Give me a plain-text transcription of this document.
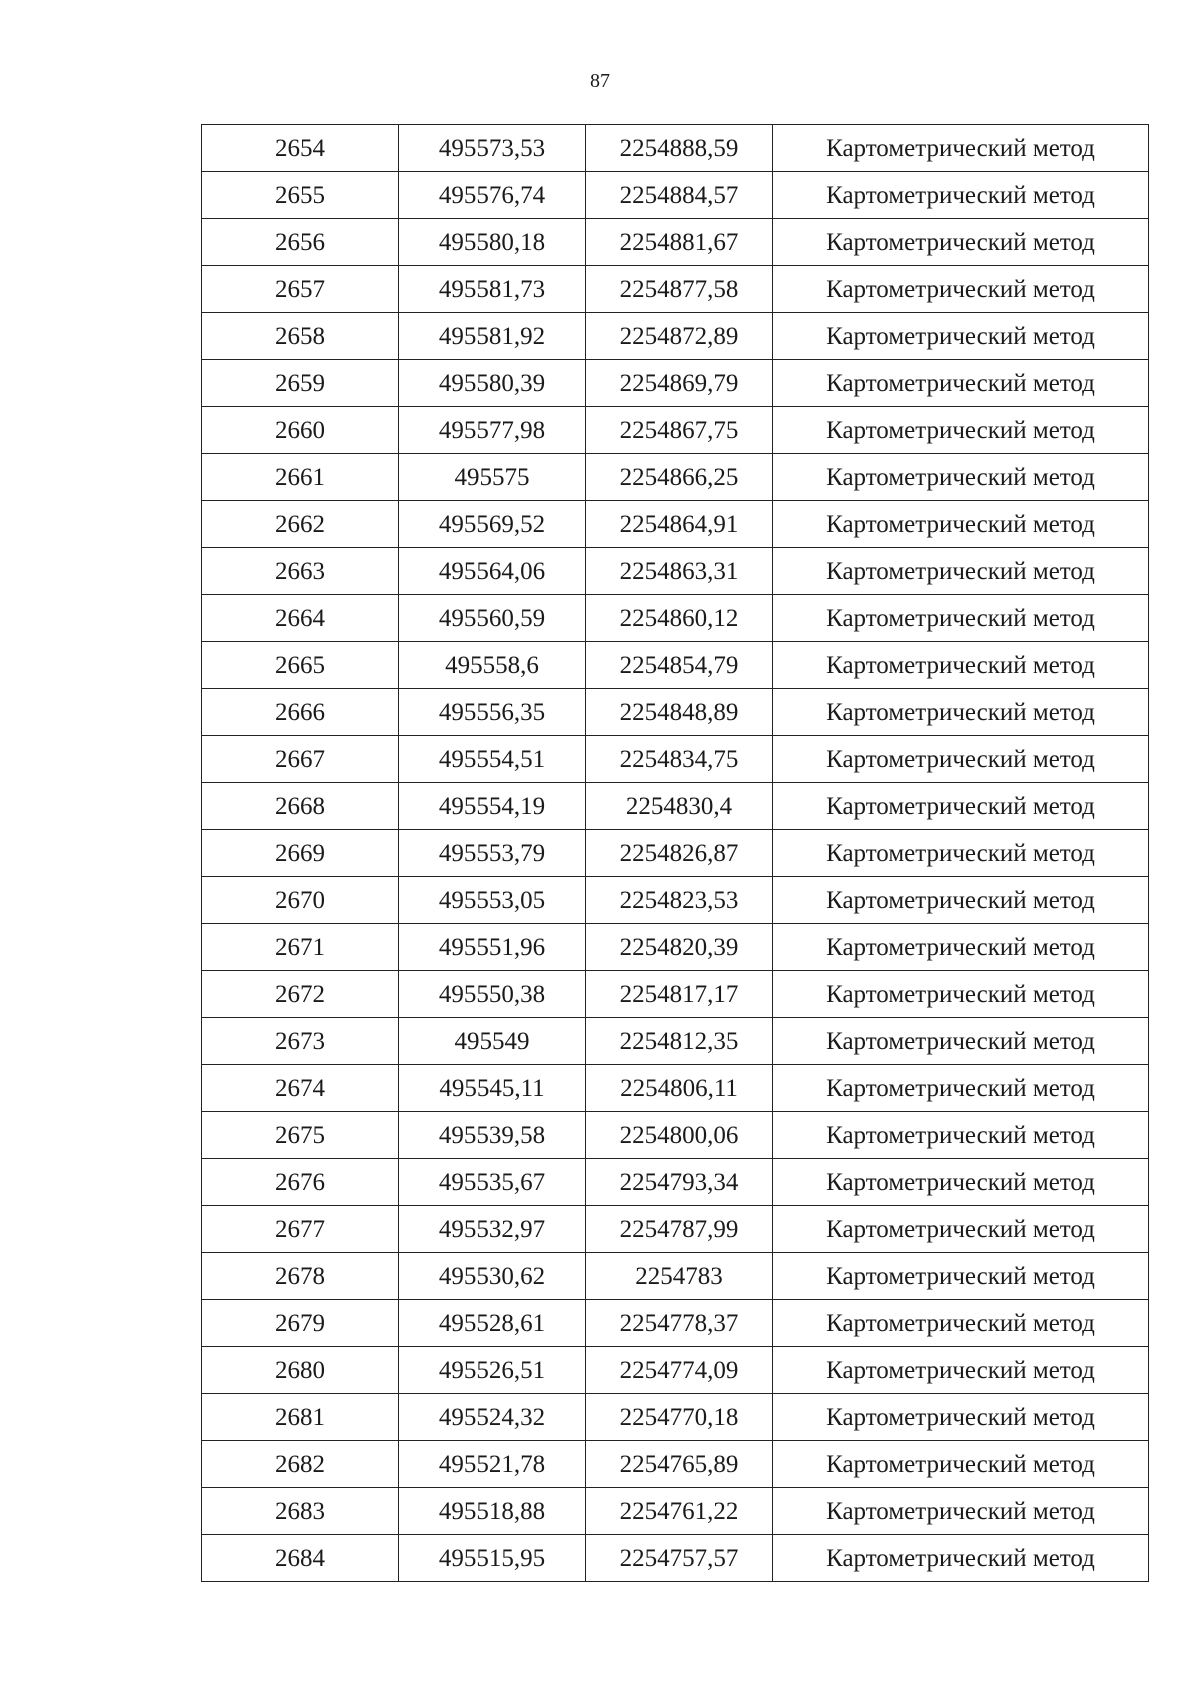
87
2654	495573,53	2254888,59	Картометрический метод
2655	495576,74	2254884,57	Картометрический метод
2656	495580,18	2254881,67	Картометрический метод
2657	495581,73	2254877,58	Картометрический метод
2658	495581,92	2254872,89	Картометрический метод
2659	495580,39	2254869,79	Картометрический метод
2660	495577,98	2254867,75	Картометрический метод
2661	495575	2254866,25	Картометрический метод
2662	495569,52	2254864,91	Картометрический метод
2663	495564,06	2254863,31	Картометрический метод
2664	495560,59	2254860,12	Картометрический метод
2665	495558,6	2254854,79	Картометрический метод
2666	495556,35	2254848,89	Картометрический метод
2667	495554,51	2254834,75	Картометрический метод
2668	495554,19	2254830,4	Картометрический метод
2669	495553,79	2254826,87	Картометрический метод
2670	495553,05	2254823,53	Картометрический метод
2671	495551,96	2254820,39	Картометрический метод
2672	495550,38	2254817,17	Картометрический метод
2673	495549	2254812,35	Картометрический метод
2674	495545,11	2254806,11	Картометрический метод
2675	495539,58	2254800,06	Картометрический метод
2676	495535,67	2254793,34	Картометрический метод
2677	495532,97	2254787,99	Картометрический метод
2678	495530,62	2254783	Картометрический метод
2679	495528,61	2254778,37	Картометрический метод
2680	495526,51	2254774,09	Картометрический метод
2681	495524,32	2254770,18	Картометрический метод
2682	495521,78	2254765,89	Картометрический метод
2683	495518,88	2254761,22	Картометрический метод
2684	495515,95	2254757,57	Картометрический метод
